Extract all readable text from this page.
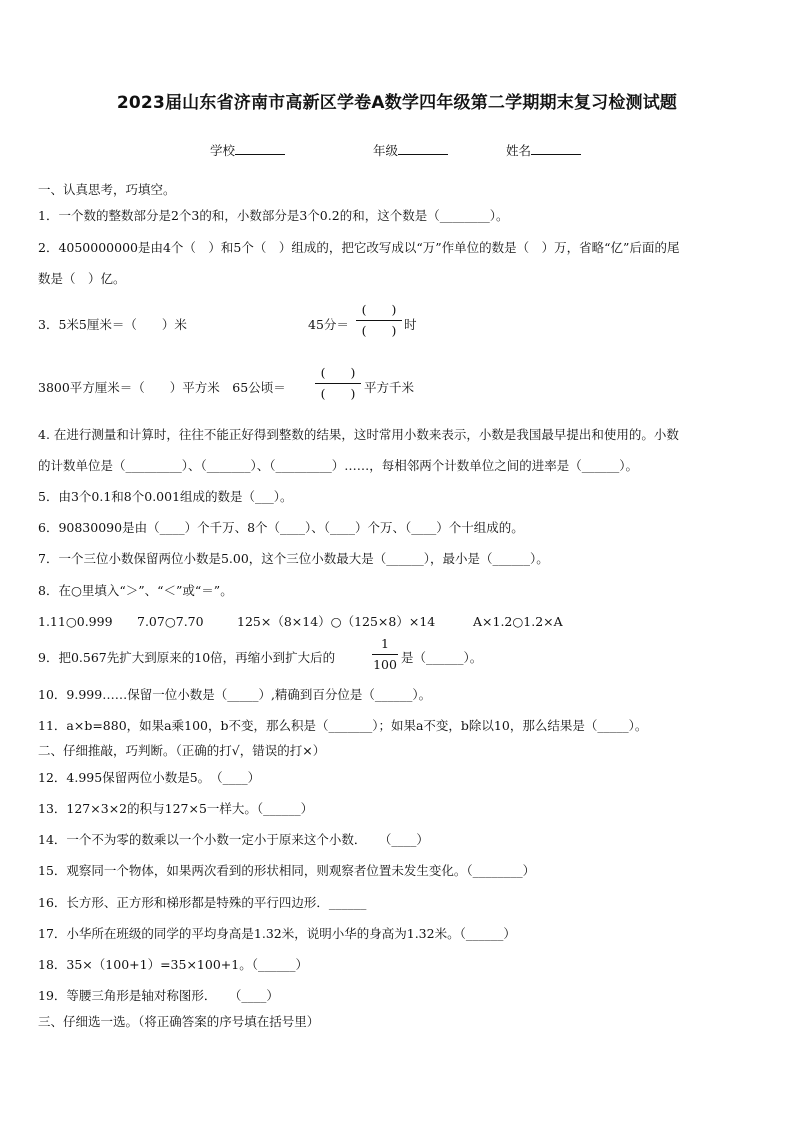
2023届山东省济南市高新区学卷A数学四年级第二学期期末复习检测试题
学校	年级	姓名
一、认真思考，巧填空。
1．一个数的整数部分是2个3的和，小数部分是3个0.2的和，这个数是（________）。
2．4050000000是由4个（　）和5个（　）组成的，把它改写成以“万”作单位的数是（　）万，省略“亿”后面的尾
数是（　）亿。
3．5米5厘米＝（　　）米	45分＝
(　　)
(　　) 时
3800平方厘米＝（　　）平方米　65公顷＝
(　　)
(　　) 平方千米
4. 在进行测量和计算时，往往不能正好得到整数的结果，这时常用小数来表示，小数是我国最早提出和使用的。小数
的计数单位是（_________）、（_______）、（_________）……，每相邻两个计数单位之间的进率是（______）。
5．由3个0.1和8个0.001组成的数是（___）。
6．90830090是由（____）个千万、8个（____）、（____）个万、（____）个十组成的。
7．一个三位小数保留两位小数是5.00，这个三位小数最大是（______），最小是（______）。
8．在○里填入“＞”、“＜”或“＝”。
1.11○0.999 7.07○7.70	125×（8×14）○（125×8）×14	A×1.2○1.2×A
9．把0.567先扩大到原来的10倍，再缩小到扩大后的
1
100 是（______）。
10．9.999……保留一位小数是（_____）,精确到百分位是（______）。
11．a×b=880，如果a乘100，b不变，那么积是（_______）；如果a不变，b除以10，那么结果是（_____）。
二、仔细推敲，巧判断。（正确的打√，错误的打×）
12．4.995保留两位小数是5。　（____）
13．127×3×2的积与127×5一样大。（______）
14．一个不为零的数乘以一个小数一定小于原来这个小数．　　（____）
15．观察同一个物体，如果两次看到的形状相同，则观察者位置未发生变化。（________）
16．长方形、正方形和梯形都是特殊的平行四边形．______
17．小华所在班级的同学的平均身高是1.32米，说明小华的身高为1.32米。（______）
18．35×（100+1）=35×100+1。（______）
19．等腰三角形是轴对称图形．　　（____）
三、仔细选一选。（将正确答案的序号填在括号里）
